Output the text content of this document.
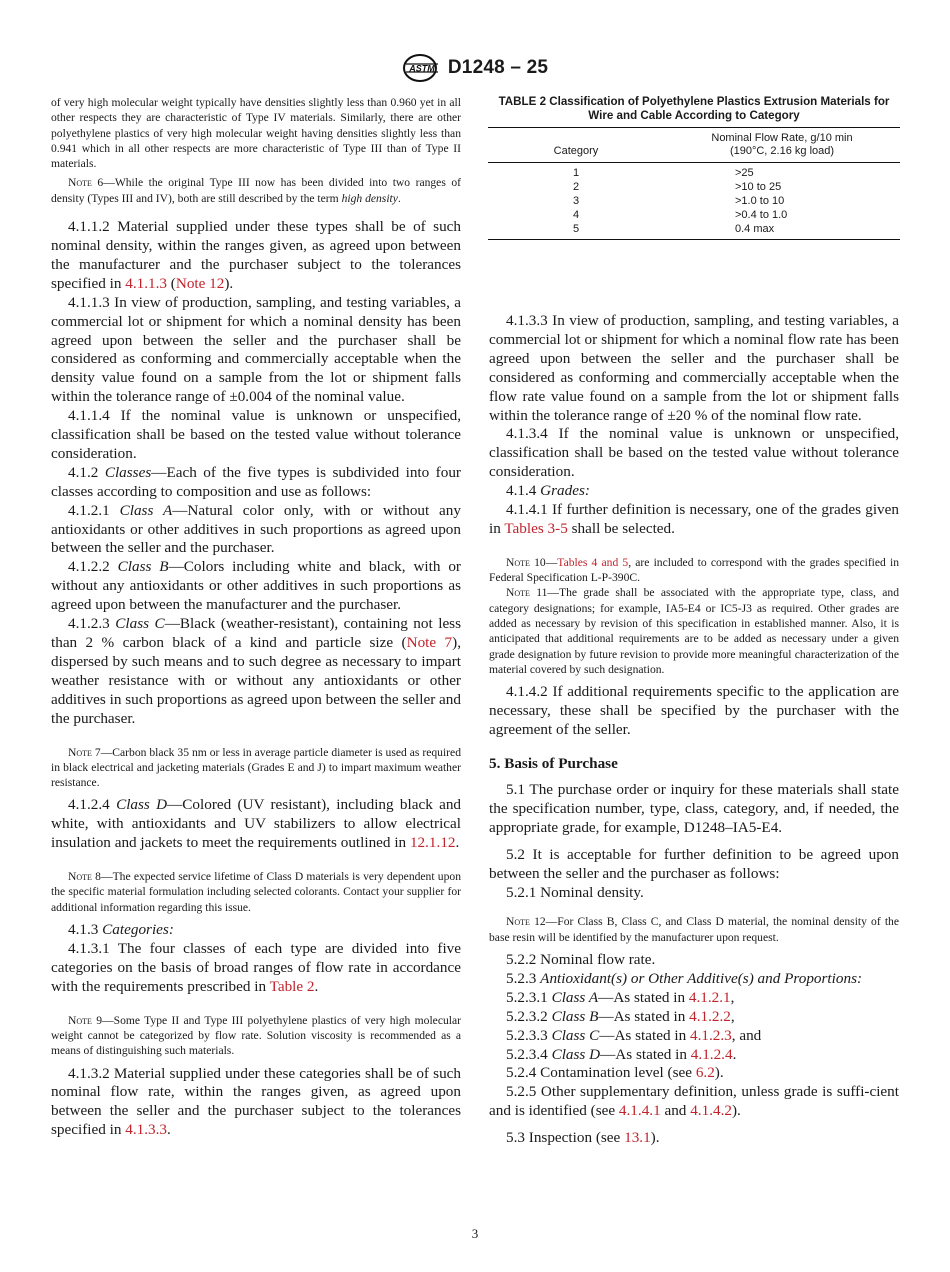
ASTM D1248 – 25

of very high molecular weight typically have densities slightly less than 0.960 yet in all other respects they are characteristic of Type IV materials. Similarly, there are other polyethylene plastics of very high molecular weight having densities slightly less than 0.941 which in all other respects are more characteristic of Type III than of Type II materials.

Note 6—While the original Type III now has been divided into two ranges of density (Types III and IV), both are still described by the term high density.

4.1.1.2 Material supplied under these types shall be of such nominal density, within the ranges given, as agreed upon between the manufacturer and the purchaser subject to the tolerances specified in 4.1.1.3 (Note 12).

4.1.1.3 In view of production, sampling, and testing variables, a commercial lot or shipment for which a nominal density has been agreed upon between the seller and the purchaser shall be considered as conforming and commercially acceptable when the density value found on a sample from the lot or shipment falls within the tolerance range of ±0.004 of the nominal value.

4.1.1.4 If the nominal value is unknown or unspecified, classification shall be based on the tested value without tolerance consideration.

4.1.2 Classes—Each of the five types is subdivided into four classes according to composition and use as follows:

4.1.2.1 Class A—Natural color only, with or without any antioxidants or other additives in such proportions as agreed upon between the seller and the purchaser.

4.1.2.2 Class B—Colors including white and black, with or without any antioxidants or other additives in such proportions as agreed upon between the manufacturer and the purchaser.

4.1.2.3 Class C—Black (weather-resistant), containing not less than 2 % carbon black of a kind and particle size (Note 7), dispersed by such means and to such degree as necessary to impart weather resistance with or without any antioxidants or other additives in such proportions as agreed upon between the seller and the purchaser.

Note 7—Carbon black 35 nm or less in average particle diameter is used as required in black electrical and jacketing materials (Grades E and J) to impart maximum weather resistance.

4.1.2.4 Class D—Colored (UV resistant), including black and white, with antioxidants and UV stabilizers to allow electrical insulation and jackets to meet the requirements outlined in 12.1.12.

Note 8—The expected service lifetime of Class D materials is very dependent upon the specific material formulation including selected colorants. Contact your supplier for additional information regarding this issue.

4.1.3 Categories:

4.1.3.1 The four classes of each type are divided into five categories on the basis of broad ranges of flow rate in accordance with the requirements prescribed in Table 2.

Note 9—Some Type II and Type III polyethylene plastics of very high molecular weight cannot be categorized by flow rate. Solution viscosity is recommended as a means of distinguishing such materials.

4.1.3.2 Material supplied under these categories shall be of such nominal flow rate, within the ranges given, as agreed upon between the seller and the purchaser subject to the tolerances specified in 4.1.3.3.

TABLE 2 Classification of Polyethylene Plastics Extrusion Materials for Wire and Cable According to Category

Category	Nominal Flow Rate, g/10 min
(190°C, 2.16 kg load)
1	>25
2	>10 to 25
3	>1.0 to 10
4	>0.4 to 1.0
5	0.4 max

4.1.3.3 In view of production, sampling, and testing variables, a commercial lot or shipment for which a nominal flow rate has been agreed upon between the seller and the purchaser shall be considered as conforming and commercially acceptable when the flow rate value found on a sample from the lot or shipment falls within the tolerance range of ±20 % of the nominal flow rate.

4.1.3.4 If the nominal value is unknown or unspecified, classification shall be based on the tested value without tolerance consideration.

4.1.4 Grades:

4.1.4.1 If further definition is necessary, one of the grades given in Tables 3-5 shall be selected.

Note 10—Tables 4 and 5, are included to correspond with the grades specified in Federal Specification L-P-390C.

Note 11—The grade shall be associated with the appropriate type, class, and category designations; for example, IA5-E4 or IC5-J3 as required. Other grades are added as necessary by revision of this specification in established manner. Also, it is anticipated that additional requirements are to be added as necessary under a given grade designation by future revision to provide more meaningful characterization of the material covered by such designation.

4.1.4.2 If additional requirements specific to the application are necessary, these shall be specified by the purchaser with the agreement of the seller.

5. Basis of Purchase

5.1 The purchase order or inquiry for these materials shall state the specification number, type, class, category, and, if needed, the appropriate grade, for example, D1248–IA5-E4.

5.2 It is acceptable for further definition to be agreed upon between the seller and the purchaser as follows:

5.2.1 Nominal density.

Note 12—For Class B, Class C, and Class D material, the nominal density of the base resin will be identified by the manufacturer upon request.

5.2.2 Nominal flow rate.

5.2.3 Antioxidant(s) or Other Additive(s) and Proportions:

5.2.3.1 Class A—As stated in 4.1.2.1,

5.2.3.2 Class B—As stated in 4.1.2.2,

5.2.3.3 Class C—As stated in 4.1.2.3, and

5.2.3.4 Class D—As stated in 4.1.2.4.

5.2.4 Contamination level (see 6.2).

5.2.5 Other supplementary definition, unless grade is suffi-cient and is identified (see 4.1.4.1 and 4.1.4.2).

5.3 Inspection (see 13.1).

3
